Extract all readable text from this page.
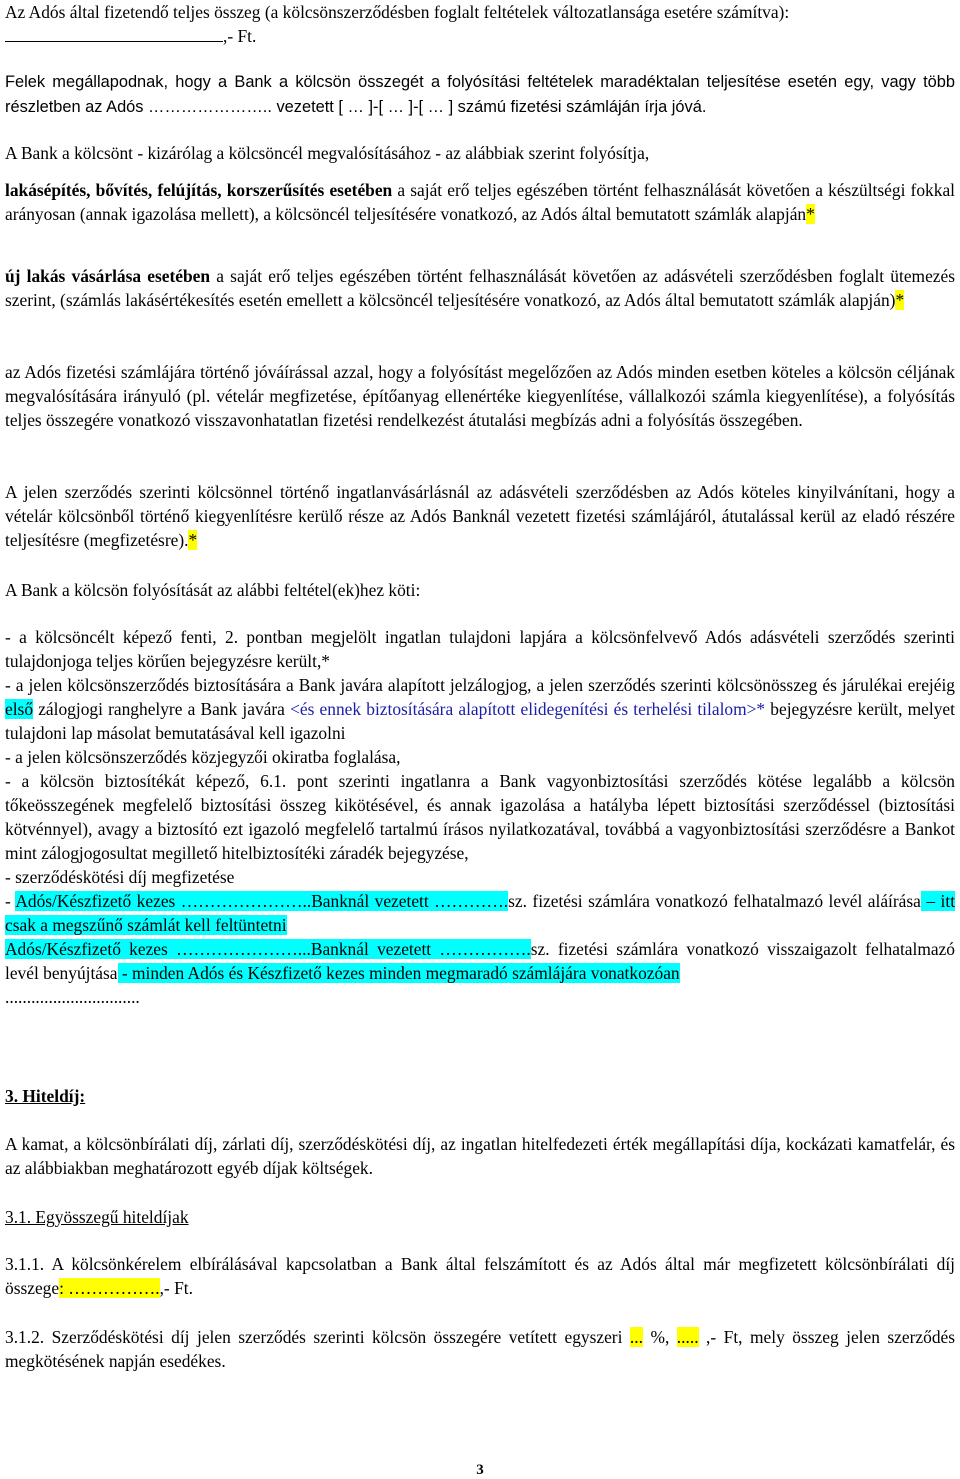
Az Adós által fizetendő teljes összeg (a kölcsönszerződésben foglalt feltételek változatlansága esetére számítva):

,- Ft.

Felek megállapodnak, hogy a Bank a kölcsön összegét a folyósítási feltételek maradéktalan teljesítése esetén egy, vagy több részletben az Adós ………………….. vezetett [ … ]-[ … ]-[ … ] számú fizetési számláján írja jóvá.

A Bank a kölcsönt - kizárólag a kölcsöncél megvalósításához - az alábbiak szerint folyósítja,

lakásépítés, bővítés, felújítás, korszerűsítés esetében a saját erő teljes egészében történt felhasználását követően a készültségi fokkal arányosan (annak igazolása mellett), a kölcsöncél teljesítésére vonatkozó, az Adós által bemutatott számlák alapján*

új lakás vásárlása esetében a saját erő teljes egészében történt felhasználását követően az adásvételi szerződésben foglalt ütemezés szerint, (számlás lakásértékesítés esetén emellett a kölcsöncél teljesítésére vonatkozó, az Adós által bemutatott számlák alapján)*

az Adós fizetési számlájára történő jóváírással azzal, hogy a folyósítást megelőzően az Adós minden esetben köteles a kölcsön céljának megvalósítására irányuló (pl. vételár megfizetése, építőanyag ellenértéke kiegyenlítése, vállalkozói számla kiegyenlítése), a folyósítás teljes összegére vonatkozó visszavonhatatlan fizetési rendelkezést átutalási megbízás adni a folyósítás összegében.

A jelen szerződés szerinti kölcsönnel történő ingatlanvásárlásnál az adásvételi szerződésben az Adós köteles kinyilvánítani, hogy a vételár kölcsönből történő kiegyenlítésre kerülő része az Adós Banknál vezetett fizetési számlájáról, átutalással kerül az eladó részére teljesítésre (megfizetésre).*

A Bank a kölcsön folyósítását az alábbi feltétel(ek)hez köti:

- a kölcsöncélt képező fenti, 2. pontban megjelölt ingatlan tulajdoni lapjára a kölcsönfelvevő Adós adásvételi szerződés szerinti tulajdonjoga teljes körűen bejegyzésre került,*

- a jelen kölcsönszerződés biztosítására a Bank javára alapított jelzálogjog, a jelen szerződés szerinti kölcsönösszeg és járulékai erejéig első zálogjogi ranghelyre a Bank javára <és ennek biztosítására alapított elidegenítési és terhelési tilalom>* bejegyzésre került, melyet tulajdoni lap másolat bemutatásával kell igazolni

- a jelen kölcsönszerződés közjegyzői okiratba foglalása,

- a kölcsön biztosítékát képező, 6.1. pont szerinti ingatlanra a Bank vagyonbiztosítási szerződés kötése legalább a kölcsön tőkeösszegének megfelelő biztosítási összeg kikötésével, és annak igazolása a hatályba lépett biztosítási szerződéssel (biztosítási kötvénnyel), avagy a biztosító ezt igazoló megfelelő tartalmú írásos nyilatkozatával, továbbá a vagyonbiztosítási szerződésre a Bankot mint zálogjogosultat megillető hitelbiztosítéki záradék bejegyzése,

- szerződéskötési díj megfizetése

- Adós/Készfizető kezes …………………..Banknál vezetett ………….sz. fizetési számlára vonatkozó felhatalmazó levél aláírása – itt csak a megszűnő számlát kell feltüntetni

Adós/Készfizető kezes …………………...Banknál vezetett …………….sz. fizetési számlára vonatkozó visszaigazolt felhatalmazó levél benyújtása - minden Adós és Készfizető kezes minden megmaradó számlájára vonatkozóan

...............................

3. Hiteldíj:

A kamat, a kölcsönbírálati díj, zárlati díj, szerződéskötési díj, az ingatlan hitelfedezeti érték megállapítási díja, kockázati kamatfelár, és az alábbiakban meghatározott egyéb díjak költségek.

3.1. Egyösszegű hiteldíjak

3.1.1. A kölcsönkérelem elbírálásával kapcsolatban a Bank által felszámított és az Adós által már megfizetett kölcsönbírálati díj összege: …………….,- Ft.

3.1.2. Szerződéskötési díj jelen szerződés szerinti kölcsön összegére vetített egyszeri ... %, ..... ,- Ft, mely összeg jelen szerződés megkötésének napján esedékes.

3
